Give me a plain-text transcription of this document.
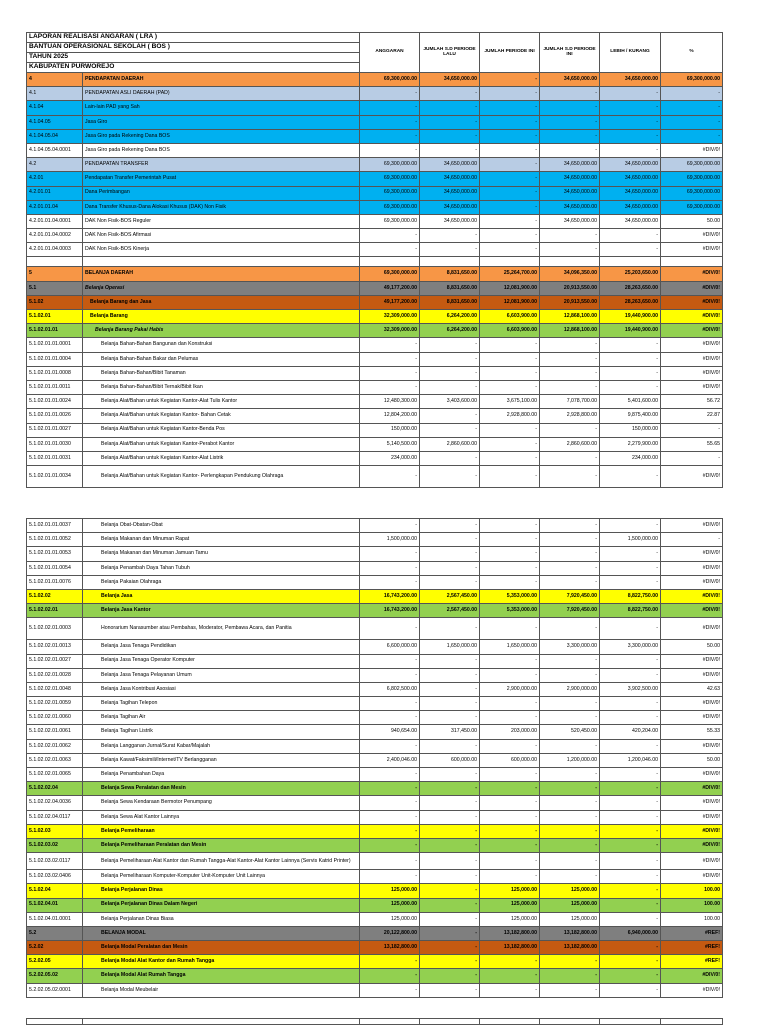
LAPORAN REALISASI ANGARAN ( LRA )		ANGGARAN	JUMLAH S.D PERIODE LALU	JUMLAH PERIODE INI	JUMLAH S.D PERIODE INI	LEBIH / KURANG	%
BANTUAN OPERASIONAL SEKOLAH ( BOS )							
TAHUN 2025							
KABUPATEN PURWOREJO							
4	PENDAPATAN DAERAH	69,300,000.00	34,650,000.00	-	34,650,000.00	34,650,000.00	69,300,000.00
4.1	PENDAPATAN ASLI DAERAH (PAD)	-	-	-	-	-	-
4.1.04	Lain-lain PAD yang Sah	-	-	-	-	-	-
4.1.04.05	Jasa Giro	-	-	-	-	-	-
4.1.04.05.04	Jasa Giro pada Rekening Dana BOS	-	-	-	-	-	-
4.1.04.05.04.0001	Jasa Giro pada Rekening Dana BOS	-	-	-	-	-	#DIV/0!
4.2	PENDAPATAN TRANSFER	69,300,000.00	34,650,000.00	-	34,650,000.00	34,650,000.00	69,300,000.00
4.2.01	Pendapatan Transfer Pemerintah Pusat	69,300,000.00	34,650,000.00	-	34,650,000.00	34,650,000.00	69,300,000.00
4.2.01.01	Dana Perimbangan	69,300,000.00	34,650,000.00	-	34,650,000.00	34,650,000.00	69,300,000.00
4.2.01.01.04	Dana Transfer Khusus-Dana Alokasi Khusus (DAK) Non Fisik	69,300,000.00	34,650,000.00	-	34,650,000.00	34,650,000.00	69,300,000.00
4.2.01.01.04.0001	DAK Non Fisik-BOS Reguler	69,300,000.00	34,650,000.00	-	34,650,000.00	34,650,000.00	50.00
4.2.01.01.04.0002	DAK Non Fisik-BOS Afirmasi	-	-	-	-	-	#DIV/0!
4.2.01.01.04.0003	DAK Non Fisik-BOS Kinerja	-	-	-	-	-	#DIV/0!

5	BELANJA DAERAH	69,300,000.00	8,831,650.00	25,264,700.00	34,096,350.00	25,203,650.00	#DIV/0!
5.1	Belanja Operasi	49,177,200.00	8,831,650.00	12,081,900.00	20,913,550.00	28,263,650.00	#DIV/0!
5.1.02	Belanja Barang dan Jasa	49,177,200.00	8,831,650.00	12,081,900.00	20,913,550.00	28,263,650.00	#DIV/0!
5.1.02.01	Belanja Barang	32,309,000.00	6,264,200.00	6,603,900.00	12,868,100.00	19,440,900.00	#DIV/0!
5.1.02.01.01	Belanja Barang Pakai Habis	32,309,000.00	6,264,200.00	6,603,900.00	12,868,100.00	19,440,900.00	#DIV/0!
5.1.02.01.01.0001	Belanja Bahan-Bahan Bangunan dan Konstruksi	-	-	-	-	-	#DIV/0!
5.1.02.01.01.0004	Belanja Bahan-Bahan Bakar dan Pelumas	-	-	-	-	-	#DIV/0!
5.1.02.01.01.0008	Belanja Bahan-Bahan/Bibit Tanaman	-	-	-	-	-	#DIV/0!
5.1.02.01.01.0011	Belanja Bahan-Bahan/Bibit Ternak/Bibit Ikan	-	-	-	-	-	#DIV/0!
5.1.02.01.01.0024	Belanja Alat/Bahan untuk Kegiatan Kantor-Alat Tulis Kantor	12,480,300.00	3,403,600.00	3,675,100.00	7,078,700.00	5,401,600.00	56.72
5.1.02.01.01.0026	Belanja Alat/Bahan untuk Kegiatan Kantor- Bahan Cetak	12,804,200.00	-	2,928,800.00	2,928,800.00	9,875,400.00	22.87
5.1.02.01.01.0027	Belanja Alat/Bahan untuk Kegiatan Kantor-Benda Pos	150,000.00	-	-	-	150,000.00	-
5.1.02.01.01.0030	Belanja Alat/Bahan untuk Kegiatan Kantor-Perabot Kantor	5,140,500.00	2,860,600.00	-	2,860,600.00	2,279,900.00	55.65
5.1.02.01.01.0031	Belanja Alat/Bahan untuk Kegiatan Kantor-Alat Listrik	234,000.00	-	-	-	234,000.00	-
5.1.02.01.01.0034	Belanja Alat/Bahan untuk Kegiatan Kantor- Perlengkapan Pendukung Olahraga	-	-	-	-	-	#DIV/0!
5.1.02.01.01.0037	Belanja Obat-Obatan-Obat	-	-	-	-	-	#DIV/0!
5.1.02.01.01.0052	Belanja Makanan dan Minuman Rapat	1,500,000.00	-	-	-	1,500,000.00	-
5.1.02.01.01.0053	Belanja Makanan dan Minuman Jamuan Tamu	-	-	-	-	-	#DIV/0!
5.1.02.01.01.0054	Belanja Penambah Daya Tahan Tubuh	-	-	-	-	-	#DIV/0!
5.1.02.01.01.0076	Belanja Pakaian Olahraga	-	-	-	-	-	#DIV/0!
5.1.02.02	Belanja Jasa	16,743,200.00	2,567,450.00	5,353,000.00	7,920,450.00	8,822,750.00	#DIV/0!
5.1.02.02.01	Belanja Jasa Kantor	16,743,200.00	2,567,450.00	5,353,000.00	7,920,450.00	8,822,750.00	#DIV/0!
5.1.02.02.01.0003	Honorarium Narasumber atau Pembahas, Moderator, Pembawa Acara, dan Panitia	-	-	-	-	-	#DIV/0!
5.1.02.02.01.0013	Belanja Jasa Tenaga Pendidikan	6,600,000.00	1,650,000.00	1,650,000.00	3,300,000.00	3,300,000.00	50.00
5.1.02.02.01.0027	Belanja Jasa Tenaga Operator Komputer	-	-	-	-	-	#DIV/0!
5.1.02.02.01.0028	Belanja Jasa Tenaga Pelayanan Umum	-	-	-	-	-	#DIV/0!
5.1.02.02.01.0048	Belanja Jasa Kontribusi Asosiasi	6,802,500.00	-	2,900,000.00	2,900,000.00	3,902,500.00	42.63
5.1.02.02.01.0059	Belanja Tagihan Telepon	-	-	-	-	-	#DIV/0!
5.1.02.02.01.0060	Belanja Tagihan Air	-	-	-	-	-	#DIV/0!
5.1.02.02.01.0061	Belanja Tagihan Listrik	940,654.00	317,450.00	203,000.00	520,450.00	420,204.00	55.33
5.1.02.02.01.0062	Belanja Langganan Jurnal/Surat Kabar/Majalah	-	-	-	-	-	#DIV/0!
5.1.02.02.01.0063	Belanja Kawat/Faksimili/Internet/TV Berlangganan	2,400,046.00	600,000.00	600,000.00	1,200,000.00	1,200,046.00	50.00
5.1.02.02.01.0065	Belanja Penambahan Daya	-	-	-	-	-	#DIV/0!
5.1.02.02.04	Belanja Sewa Peralatan dan Mesin	-	-	-	-	-	#DIV/0!
5.1.02.02.04.0036	Belanja Sewa Kendaraan Bermotor Penumpang	-	-	-	-	-	#DIV/0!
5.1.02.02.04.0117	Belanja Sewa Alat Kantor Lainnya	-	-	-	-	-	#DIV/0!
5.1.02.03	Belanja Pemeliharaan	-	-	-	-	-	#DIV/0!
5.1.02.03.02	Belanja Pemeliharaan Peralatan dan Mesin	-	-	-	-	-	#DIV/0!
5.1.02.03.02.0117	Belanja Pemeliharaan Alat Kantor dan Rumah Tangga-Alat Kantor-Alat Kantor Lainnya (Servis Katrid Printer)	-	-	-	-	-	#DIV/0!
5.1.02.03.02.0406	Belanja Pemeliharaan Komputer-Komputer Unit-Komputer Unit Lainnya	-	-	-	-	-	#DIV/0!
5.1.02.04	Belanja Perjalanan Dinas	125,000.00	-	125,000.00	125,000.00	-	100.00
5.1.02.04.01	Belanja Perjalanan Dinas Dalam Negeri	125,000.00	-	125,000.00	125,000.00	-	100.00
5.1.02.04.01.0001	Belanja Perjalanan Dinas Biasa	125,000.00	-	125,000.00	125,000.00	-	100.00
5.2	BELANJA MODAL	20,122,800.00	-	13,182,800.00	13,182,800.00	6,940,000.00	#REF!
5.2.02	Belanja Modal Peralatan dan Mesin	13,182,800.00	-	13,182,800.00	13,182,800.00	-	#REF!
5.2.02.05	Belanja Modal Alat Kantor dan Rumah Tangga	-	-	-	-	-	#REF!
5.2.02.05.02	Belanja Modal Alat Rumah Tangga	-	-	-	-	-	#DIV/0!
5.2.02.05.02.0001	Belanja Modal Meubelair	-	-	-	-	-	#DIV/0!
